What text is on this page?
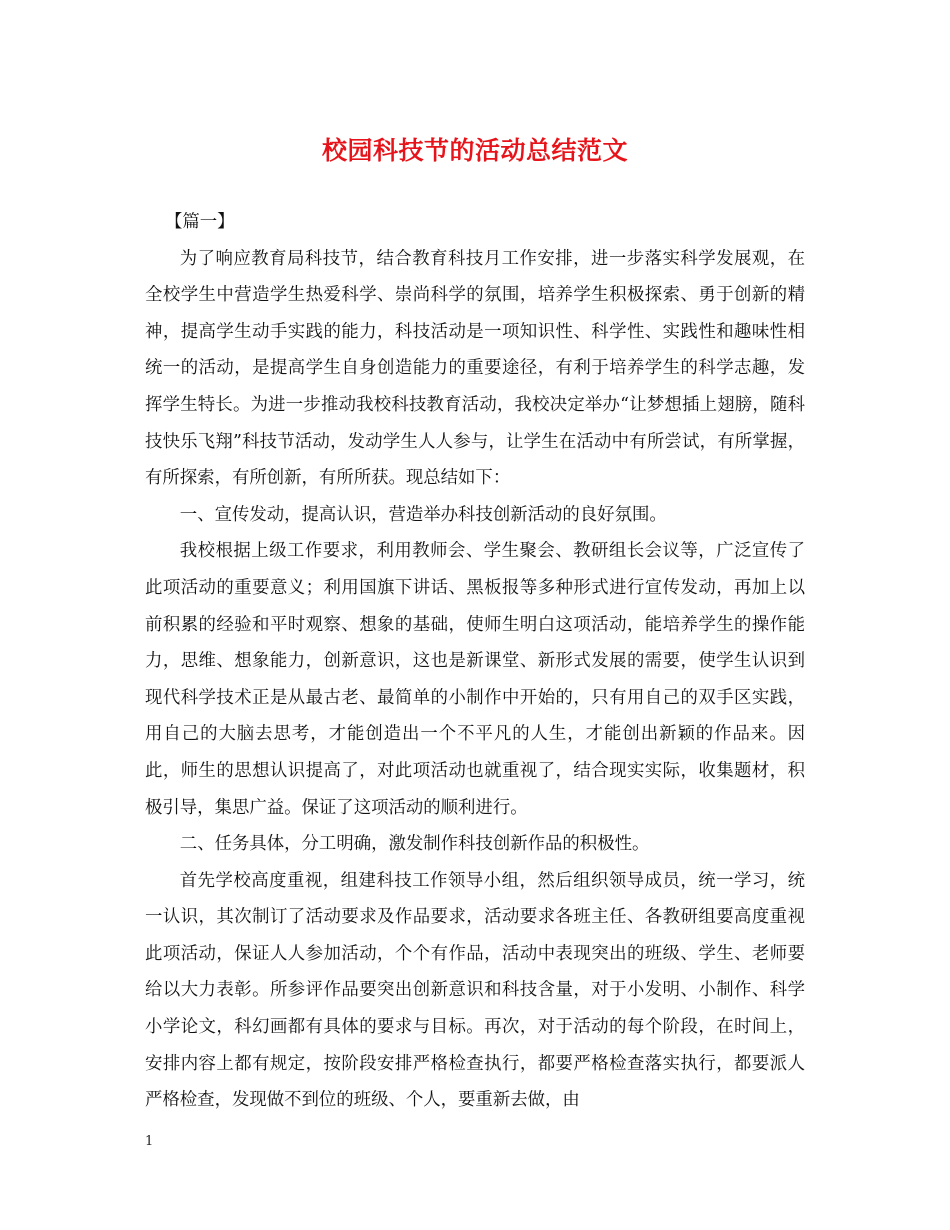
校园科技节的活动总结范文

【篇一】

为了响应教育局科技节，结合教育科技月工作安排，进一步落实科学发展观，在全校学生中营造学生热爱科学、崇尚科学的氛围，培养学生积极探索、勇于创新的精神，提高学生动手实践的能力，科技活动是一项知识性、科学性、实践性和趣味性相统一的活动，是提高学生自身创造能力的重要途径，有利于培养学生的科学志趣，发挥学生特长。为进一步推动我校科技教育活动，我校决定举办“让梦想插上翅膀，随科技快乐飞翔”科技节活动，发动学生人人参与，让学生在活动中有所尝试，有所掌握，有所探索，有所创新，有所所获。现总结如下：

一、宣传发动，提高认识，营造举办科技创新活动的良好氛围。

我校根据上级工作要求，利用教师会、学生聚会、教研组长会议等，广泛宣传了此项活动的重要意义；利用国旗下讲话、黑板报等多种形式进行宣传发动，再加上以前积累的经验和平时观察、想象的基础，使师生明白这项活动，能培养学生的操作能力，思维、想象能力，创新意识，这也是新课堂、新形式发展的需要，使学生认识到现代科学技术正是从最古老、最简单的小制作中开始的，只有用自己的双手区实践，用自己的大脑去思考，才能创造出一个不平凡的人生，才能创出新颖的作品来。因此，师生的思想认识提高了，对此项活动也就重视了，结合现实实际，收集题材，积极引导，集思广益。保证了这项活动的顺利进行。

二、任务具体，分工明确，激发制作科技创新作品的积极性。

首先学校高度重视，组建科技工作领导小组，然后组织领导成员，统一学习，统一认识，其次制订了活动要求及作品要求，活动要求各班主任、各教研组要高度重视此项活动，保证人人参加活动，个个有作品，活动中表现突出的班级、学生、老师要给以大力表彰。所参评作品要突出创新意识和科技含量，对于小发明、小制作、科学小学论文，科幻画都有具体的要求与目标。再次，对于活动的每个阶段，在时间上，安排内容上都有规定，按阶段安排严格检查执行，都要严格检查落实执行，都要派人严格检查，发现做不到位的班级、个人，要重新去做，由

1
